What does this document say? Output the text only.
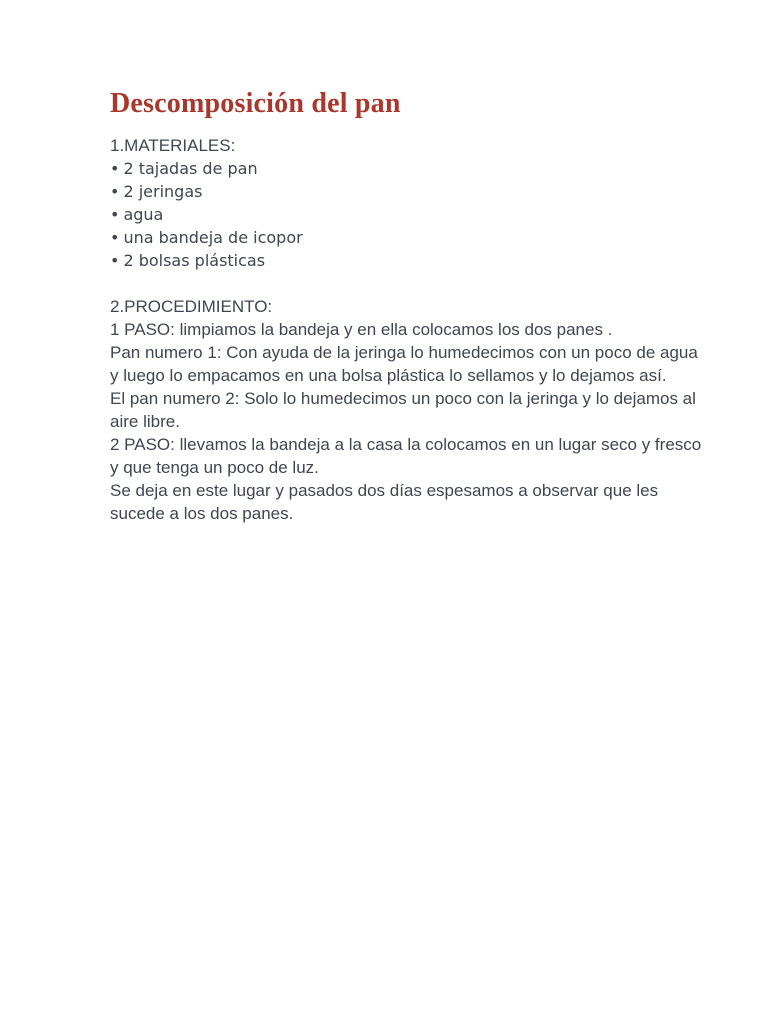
Descomposición del pan

1.MATERIALES:

• 2 tajadas de pan
• 2 jeringas
• agua
• una bandeja de icopor
• 2 bolsas plásticas

2.PROCEDIMIENTO:

1 PASO: limpiamos la bandeja y en ella colocamos los dos panes .

Pan numero 1: Con ayuda de la jeringa lo humedecimos con un poco de agua y luego lo empacamos en una bolsa plástica lo sellamos y lo dejamos así.

El pan numero 2: Solo lo humedecimos un poco con la jeringa y lo dejamos al aire libre.

2 PASO: llevamos la bandeja a la casa la colocamos en un lugar seco y fresco y que tenga un poco de luz.

Se deja en este lugar y pasados dos días espesamos a observar que les sucede a los dos panes.
